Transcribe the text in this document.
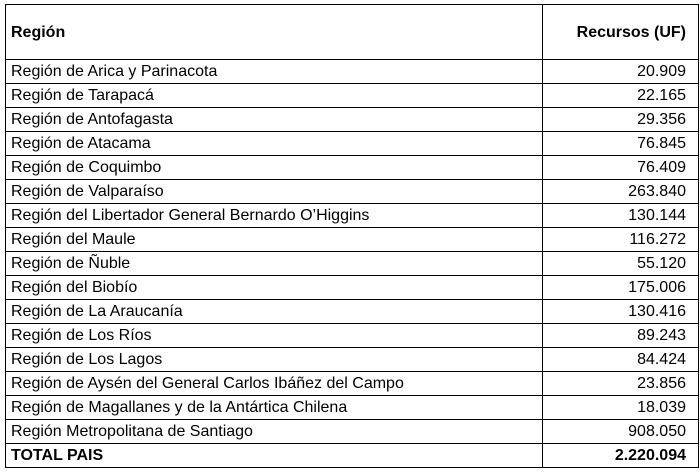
Región	Recursos (UF)
Región de Arica y Parinacota	20.909
Región de Tarapacá	22.165
Región de Antofagasta	29.356
Región de Atacama	76.845
Región de Coquimbo	76.409
Región de Valparaíso	263.840
Región del Libertador General Bernardo O’Higgins	130.144
Región del Maule	116.272
Región de Ñuble	55.120
Región del Biobío	175.006
Región de La Araucanía	130.416
Región de Los Ríos	89.243
Región de Los Lagos	84.424
Región de Aysén del General Carlos Ibáñez del Campo	23.856
Región de Magallanes y de la Antártica Chilena	18.039
Región Metropolitana de Santiago	908.050
TOTAL PAIS	2.220.094
